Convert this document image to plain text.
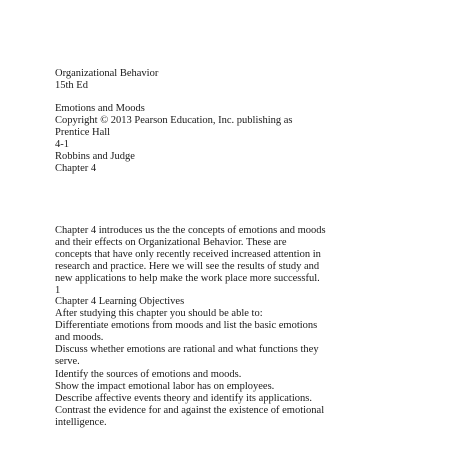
Organizational Behavior
15th Ed
Emotions and Moods
Copyright © 2013 Pearson Education, Inc. publishing as
Prentice Hall
4-1
Robbins and Judge
Chapter 4
Chapter 4 introduces us the the concepts of emotions and moods
and their effects on Organizational Behavior. These are
concepts that have only recently received increased attention in
research and practice. Here we will see the results of study and
new applications to help make the work place more successful.
1
Chapter 4 Learning Objectives
After studying this chapter you should be able to:
Differentiate emotions from moods and list the basic emotions
and moods.
Discuss whether emotions are rational and what functions they
serve.
Identify the sources of emotions and moods.
Show the impact emotional labor has on employees.
Describe affective events theory and identify its applications.
Contrast the evidence for and against the existence of emotional
intelligence.
